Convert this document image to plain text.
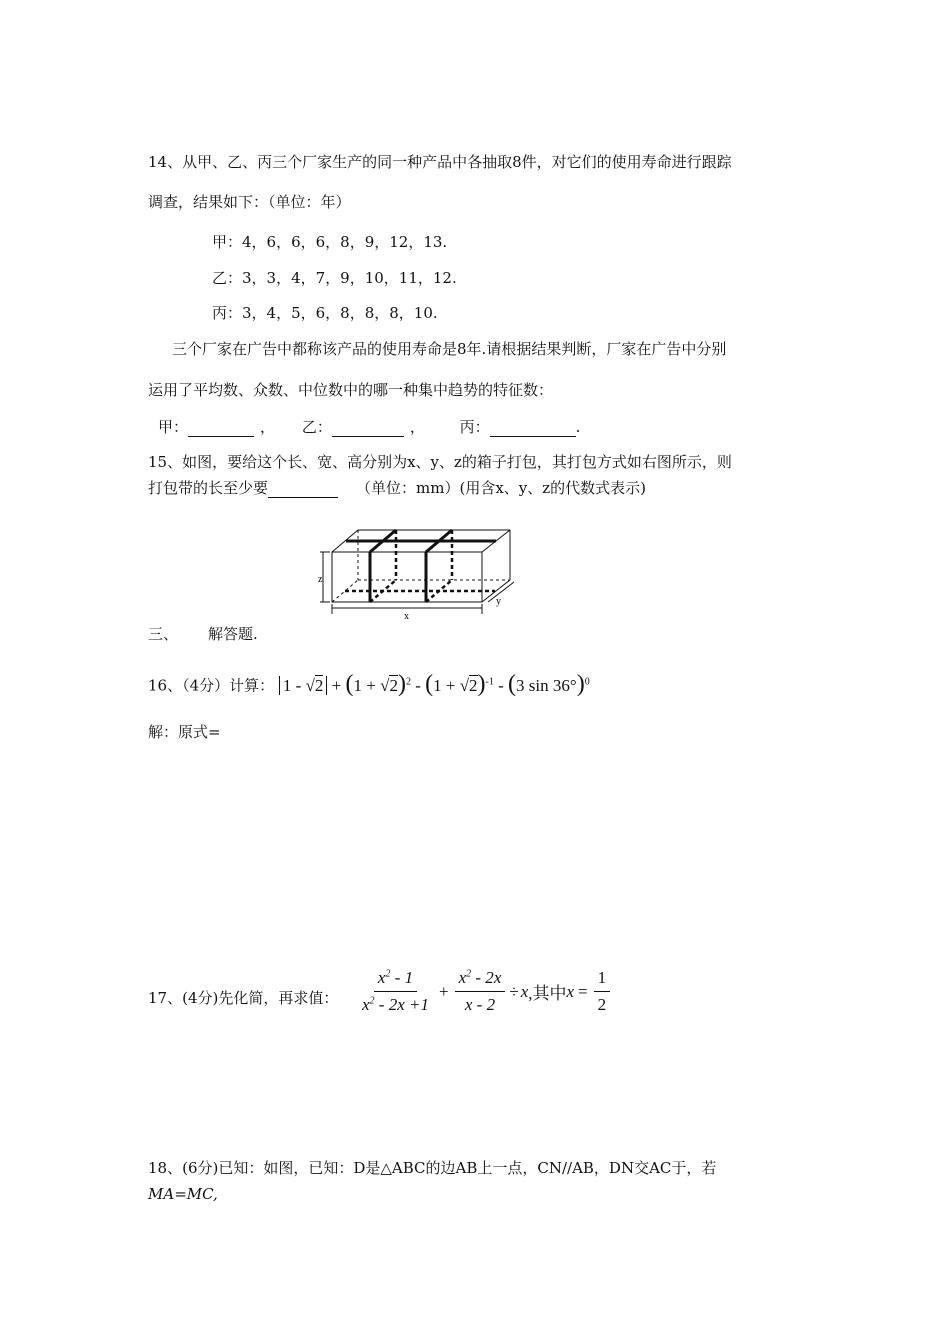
14、从甲、乙、丙三个厂家生产的同一种产品中各抽取8件，对它们的使用寿命进行跟踪
调查，结果如下：（单位：年）
甲：4，6，6，6，8，9，12，13.
乙：3，3，4，7，9，10，11，12.
丙：3，4，5，6，8，8，8，10.
三个厂家在广告中都称该产品的使用寿命是8年.请根据结果判断，厂家在广告中分别
运用了平均数、众数、中位数中的哪一种集中趋势的特征数：
甲：	， 乙：	， 丙：	.
15、如图，要给这个长、宽、高分别为x、y、z的箱子打包，其打包方式如右图所示，则
打包带的长至少要	（单位：mm）(用含x、y、z的代数式表示)
z
x
y
三、 解答题.
16、（4分）计算： $1 - √2 + (1 + √2)^2 - (1 + √2)^{-1} - (3$ sin 36°)$^0$
解：原式=
17、(4分)先化简，再求值： $\frac{x^2 - 1}{x^2 - 2x +1} + \frac{x^2 - 2x}{x - 2} \div x$ ,其中 $x = \frac{1}{2}$
18、(6分)已知：如图，已知：D是△ABC的边AB上一点，CN//AB，DN交AC于，若
MA=MC,
